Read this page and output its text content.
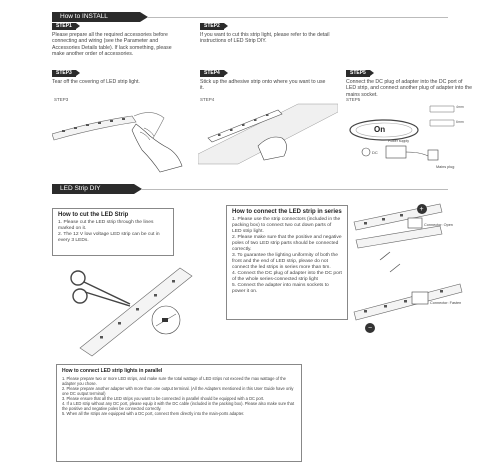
How to INSTALL
STEP1
Please prepare all the required accessories before connecting and wiring (see the Parameter and Accessories Details table). If lack something, please make another order of accessories.
STEP2
If you want to cut this strip light, please refer to the detail instructions of LED Strip DIY.
STEP3
Tear off the covering of LED strip light.
STEP4
Stick up the adhesive strip onto where you want to use it.
STEP5
Connect the DC plug of adapter into the DC port of LED strip, and connect another plug of adapter into the mains socket.
STEP3	STEP4	STEP5
On
4mm
6mm
DC
Power supply
Mains plug
LED Strip DIY
How to cut the LED Strip
1. Please cut the LED strip through the lines marked on it.
2. The 12 V low voltage LED strip can be cut in every 3 LEDs.
How to connect the LED strip in series
1. Please use the strip connectors (included in the packing box) to connect two cut down parts of LED strip light.
2. Please make sure that the positive and negative poles of two LED strip parts should be connected correctly.
3. To guarantee the lighting uniformity of both the front and the end of LED strip, please do not connect the led strips in series more than 5m.
4. Connect the DC plug of adapter into the DC port of the whole series-connected strip light
5. Connect the adapter into mains sockets to power it on.
+
Connector: Open
Connector: Fasten
−
How to connect LED strip lights in parallel
1. Please prepare two or more LED strips, and make sure the total wattage of LED strips not exceed the max wattage of the adapter you chose.
2. Please prepare another adapter with more than one output terminal. (All the Adapters mentioned in this User Guide have only one DC output terminal)
3. Please ensure that all the LED strips you want to be connected in parallel should be equipped with a DC port.
4. If a LED strip without any DC port, please equip it with the DC cable (included in the packing box). Please also make sure that the positive and negative poles be connected correctly.
5. When all the strips are equipped with a DC port, connect them directly into the main-ports adapter.
